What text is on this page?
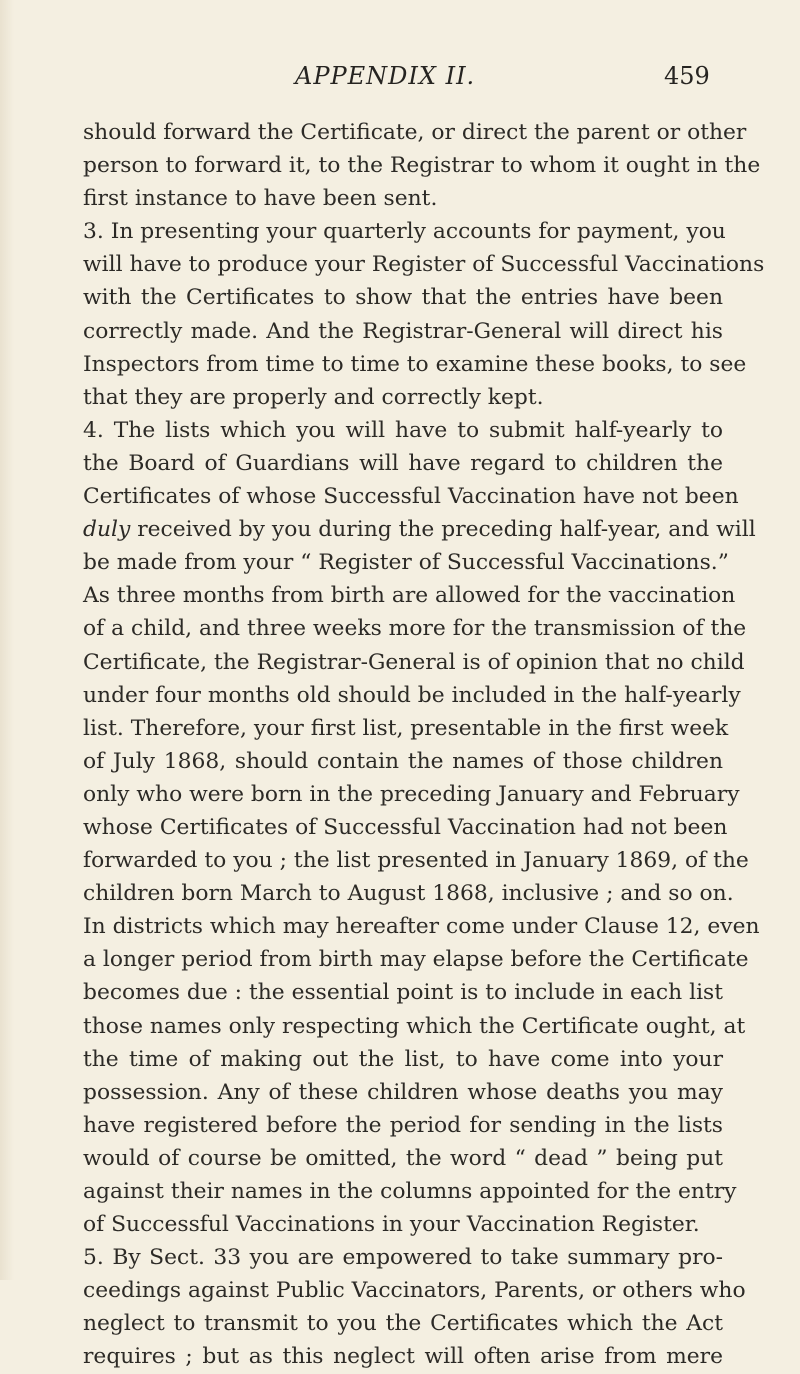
APPENDIX II.	459
should forward the Certificate, or direct the parent or other
person to forward it, to the Registrar to whom it ought in the
first instance to have been sent.
3. In presenting your quarterly accounts for payment, you
will have to produce your Register of Successful Vaccinations
with the Certificates to show that the entries have been
correctly made. And the Registrar-General will direct his
Inspectors from time to time to examine these books, to see
that they are properly and correctly kept.
4. The lists which you will have to submit half-yearly to
the Board of Guardians will have regard to children the
Certificates of whose Successful Vaccination have not been
duly received by you during the preceding half-year, and will
be made from your “ Register of Successful Vaccinations.”
As three months from birth are allowed for the vaccination
of a child, and three weeks more for the transmission of the
Certificate, the Registrar-General is of opinion that no child
under four months old should be included in the half-yearly
list. Therefore, your first list, presentable in the first week
of July 1868, should contain the names of those children
only who were born in the preceding January and February
whose Certificates of Successful Vaccination had not been
forwarded to you ; the list presented in January 1869, of the
children born March to August 1868, inclusive ; and so on.
In districts which may hereafter come under Clause 12, even
a longer period from birth may elapse before the Certificate
becomes due : the essential point is to include in each list
those names only respecting which the Certificate ought, at
the time of making out the list, to have come into your
possession. Any of these children whose deaths you may
have registered before the period for sending in the lists
would of course be omitted, the word “ dead ” being put
against their names in the columns appointed for the entry
of Successful Vaccinations in your Vaccination Register.
5. By Sect. 33 you are empowered to take summary pro-
ceedings against Public Vaccinators, Parents, or others who
neglect to transmit to you the Certificates which the Act
requires ; but as this neglect will often arise from mere
